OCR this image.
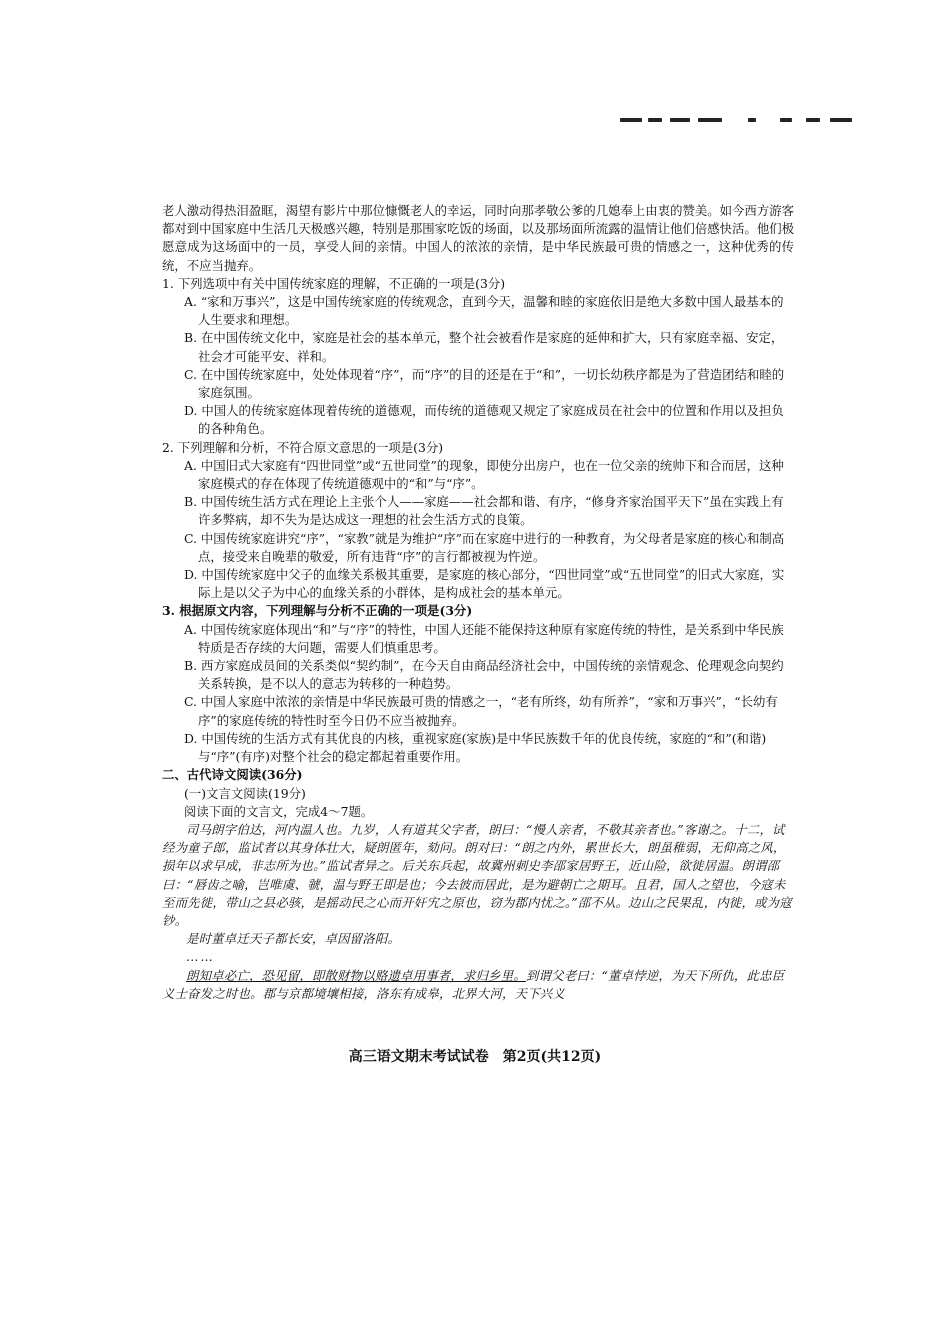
老人激动得热泪盈眶，渴望有影片中那位慷慨老人的幸运，同时向那孝敬公爹的几媳奉上由衷的赞美。如今西方游客都对到中国家庭中生活几天极感兴趣，特别是那围家吃饭的场面，以及那场面所流露的温情让他们倍感快活。他们极愿意成为这场面中的一员，享受人间的亲情。中国人的浓浓的亲情，是中华民族最可贵的情感之一，这种优秀的传统，不应当抛弃。

1. 下列选项中有关中国传统家庭的理解，不正确的一项是(3分)

A. “家和万事兴”，这是中国传统家庭的传统观念，直到今天，温馨和睦的家庭依旧是绝大多数中国人最基本的人生要求和理想。

B. 在中国传统文化中，家庭是社会的基本单元，整个社会被看作是家庭的延伸和扩大，只有家庭幸福、安定，社会才可能平安、祥和。

C. 在中国传统家庭中，处处体现着“序”，而“序”的目的还是在于“和”，一切长幼秩序都是为了营造团结和睦的家庭氛围。

D. 中国人的传统家庭体现着传统的道德观，而传统的道德观又规定了家庭成员在社会中的位置和作用以及担负的各种角色。

2. 下列理解和分析，不符合原文意思的一项是(3分)

A. 中国旧式大家庭有“四世同堂”或“五世同堂”的现象，即使分出房户，也在一位父亲的统帅下和合而居，这种家庭模式的存在体现了传统道德观中的“和”与“序”。

B. 中国传统生活方式在理论上主张个人——家庭——社会都和谐、有序，“修身齐家治国平天下”虽在实践上有许多弊病，却不失为是达成这一理想的社会生活方式的良策。

C. 中国传统家庭讲究“序”，“家教”就是为维护“序”而在家庭中进行的一种教育，为父母者是家庭的核心和制高点，接受来自晚辈的敬爱，所有违背“序”的言行都被视为忤逆。

D. 中国传统家庭中父子的血缘关系极其重要，是家庭的核心部分，“四世同堂”或“五世同堂”的旧式大家庭，实际上是以父子为中心的血缘关系的小群体，是构成社会的基本单元。

3. 根据原文内容，下列理解与分析不正确的一项是(3分)

A. 中国传统家庭体现出“和”与“序”的特性，中国人还能不能保持这种原有家庭传统的特性，是关系到中华民族特质是否存续的大问题，需要人们慎重思考。

B. 西方家庭成员间的关系类似“契约制”，在今天自由商品经济社会中，中国传统的亲情观念、伦理观念向契约关系转换，是不以人的意志为转移的一种趋势。

C. 中国人家庭中浓浓的亲情是中华民族最可贵的情感之一，“老有所终，幼有所养”，“家和万事兴”，“长幼有序”的家庭传统的特性时至今日仍不应当被抛弃。

D. 中国传统的生活方式有其优良的内核，重视家庭(家族)是中华民族数千年的优良传统，家庭的“和”(和谐)与“序”(有序)对整个社会的稳定都起着重要作用。

二、古代诗文阅读(36分)

(一)文言文阅读(19分)

阅读下面的文言文，完成4～7题。

司马朗字伯达，河内温人也。九岁，人有道其父字者，朗曰：“慢人亲者，不敬其亲者也。”客谢之。十二，试经为童子郎，监试者以其身体壮大，疑朗匿年，劾问。朗对曰：“朗之内外，累世长大，朗虽稚弱，无仰高之风，损年以求早成，非志所为也。”监试者异之。后关东兵起，故冀州刺史李邵家居野王，近山险，欲徙居温。朗谓邵曰：“唇齿之喻，岂唯虞、虢，温与野王即是也；今去彼而居此，是为避朝亡之期耳。且君，国人之望也，今寇未至而先徙，带山之县必骇，是摇动民之心而开奸宄之原也，窃为郡内忧之。”邵不从。边山之民果乱，内徙，或为寇钞。

是时董卓迁天子都长安，卓因留洛阳。

……

朗知卓必亡，恐见留，即散财物以赂遗卓用事者，求归乡里。到谓父老曰：“董卓悖逆，为天下所仇，此忠臣义士奋发之时也。郡与京都境壤相接，洛东有成皋，北界大河，天下兴义

高三语文期末考试试卷　第2页(共12页)
